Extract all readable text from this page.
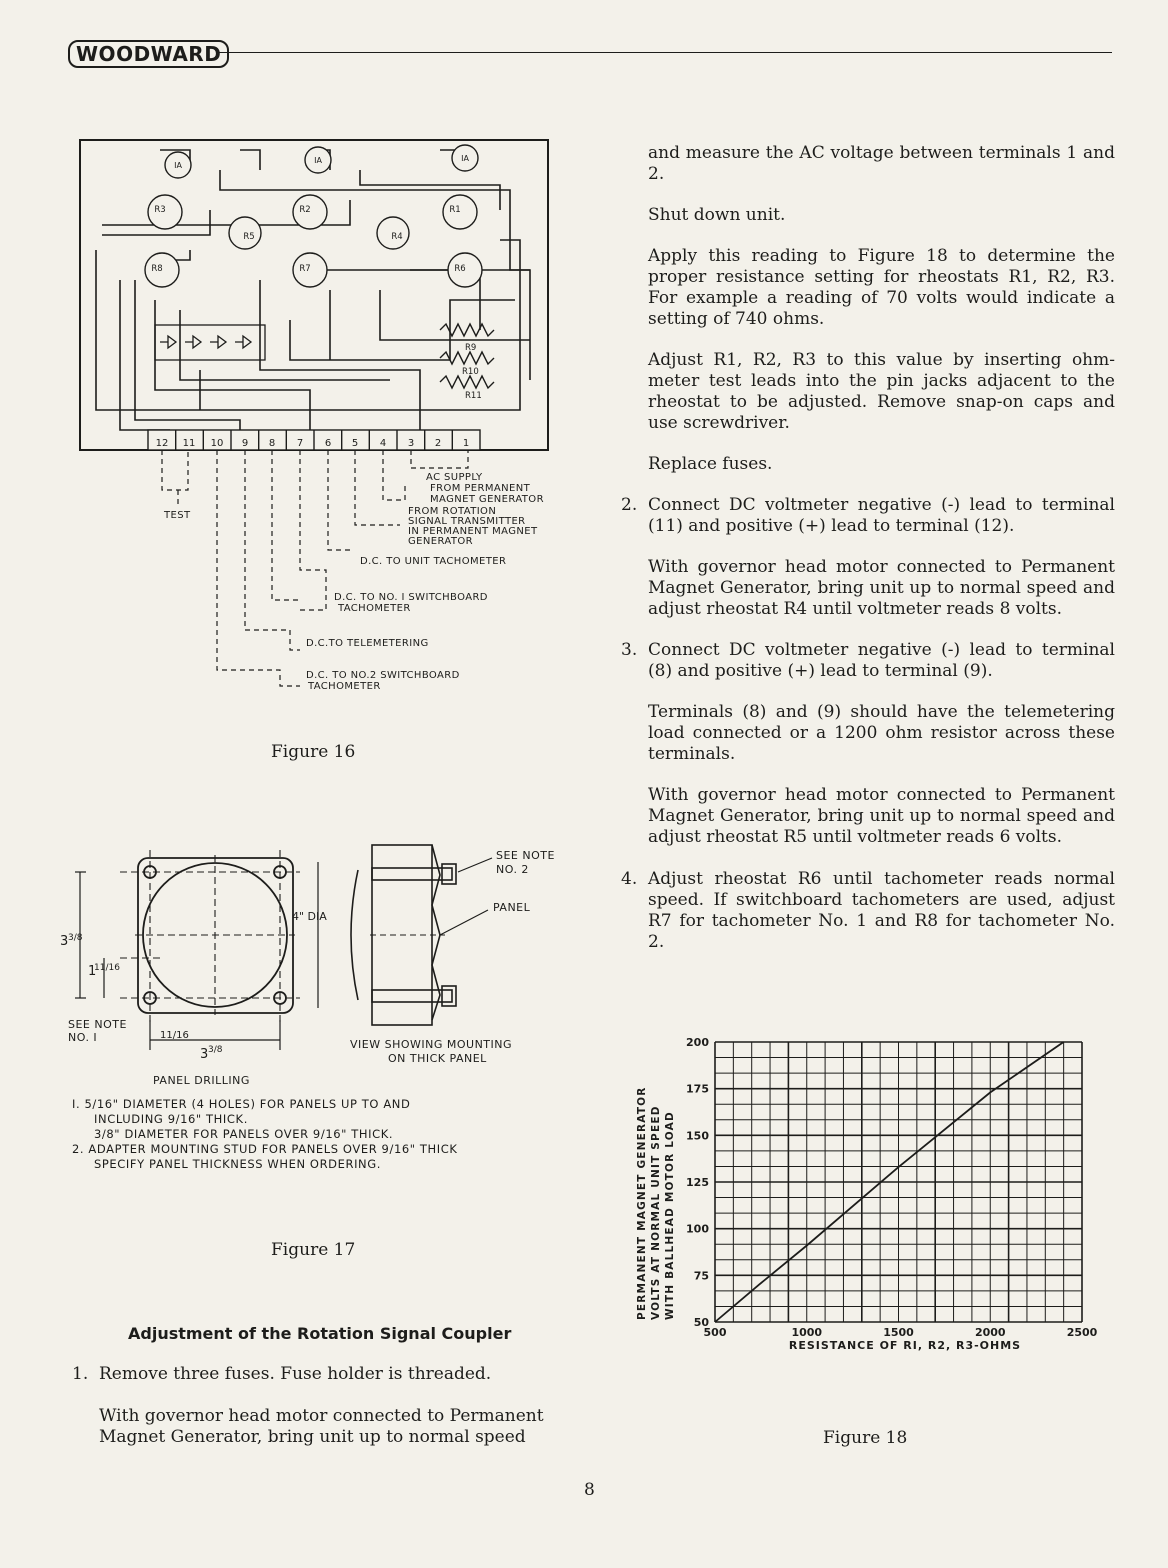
WOODWARD
12 11 10 9 8 7 6 5 4 3 2 1
IA
IA	IA
R3	R2	R1
R5	R4
R8	R7	R6
R9
R10
R11
TEST
AC SUPPLY
FROM PERMANENT
MAGNET GENERATOR
FROM ROTATION
SIGNAL TRANSMITTER
IN PERMANENT MAGNET
GENERATOR
D.C. TO UNIT TACHOMETER
D.C. TO NO. I SWITCHBOARD
TACHOMETER
D.C.TO TELEMETERING
D.C. TO NO.2 SWITCHBOARD
TACHOMETER
Figure 16
3 3/8
1
11/16
4" DIA
3 3/8
11/16
SEE NOTE
NO. I
SEE NOTE
NO. 2
PANEL
VIEW SHOWING MOUNTING
ON THICK PANEL
PANEL DRILLING
I. 5/16" DIAMETER (4 HOLES) FOR PANELS UP TO AND
INCLUDING 9/16" THICK.
3/8" DIAMETER FOR PANELS OVER 9/16" THICK.
2. ADAPTER MOUNTING STUD FOR PANELS OVER 9/16" THICK
SPECIFY PANEL THICKNESS WHEN ORDERING.
Figure 17
Adjustment of the Rotation Signal Coupler
1. Remove three fuses. Fuse holder is threaded.
With governor head motor connected to Permanent
Magnet Generator, bring unit up to normal speed
and measure the AC voltage between terminals 1 and 2.
Shut down unit.
Apply this reading to Figure 18 to determine the proper resistance setting for rheostats R1, R2, R3. For example a reading of 70 volts would indicate a setting of 740 ohms.
Adjust R1, R2, R3 to this value by inserting ohm-meter test leads into the pin jacks adjacent to the rheostat to be adjusted. Remove snap-on caps and use screwdriver.
Replace fuses.
2. Connect DC voltmeter negative (-) lead to terminal (11) and positive (+) lead to terminal (12).
With governor head motor connected to Permanent Magnet Generator, bring unit up to normal speed and adjust rheostat R4 until voltmeter reads 8 volts.
3. Connect DC voltmeter negative (-) lead to terminal (8) and positive (+) lead to terminal (9).
Terminals (8) and (9) should have the telemetering load connected or a 1200 ohm resistor across these terminals.
With governor head motor connected to Permanent Magnet Generator, bring unit up to normal speed and adjust rheostat R5 until voltmeter reads 6 volts.
4. Adjust rheostat R6 until tachometer reads normal speed. If switchboard tachometers are used, adjust R7 for tachometer No. 1 and R8 for tachometer No. 2.
50
75
100
125
150
175
200
500	1000	1500	2000	2500
PERMANENT MAGNET GENERATOR VOLTS AT NORMAL UNIT SPEED WITH BALLHEAD MOTOR LOAD
RESISTANCE OF RI, R2, R3-OHMS
Figure 18
8
